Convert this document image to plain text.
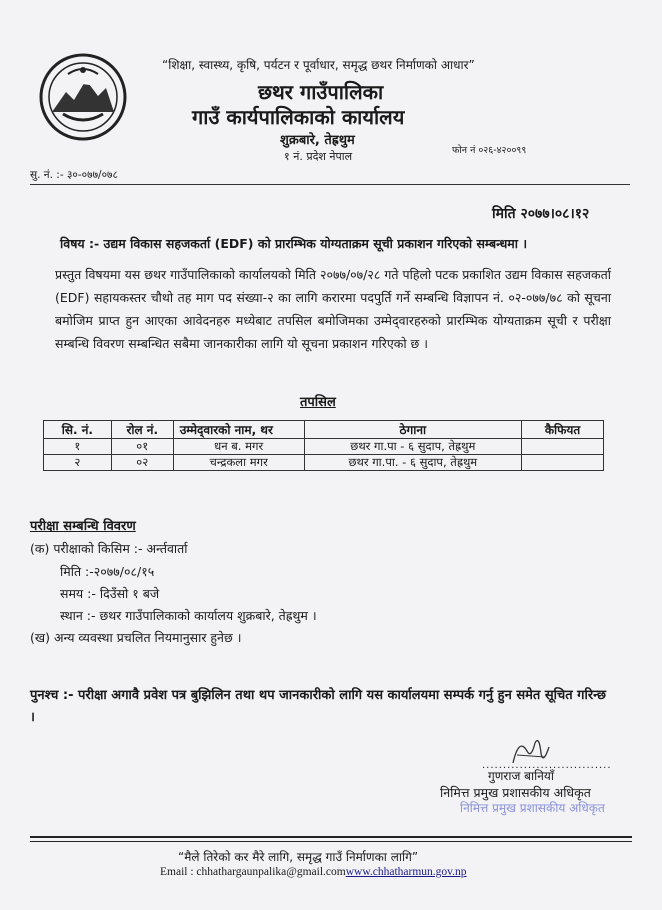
“शिक्षा, स्वास्थ्य, कृषि, पर्यटन र पूर्वाधार, समृद्ध छथर निर्माणको आधार”
छथर गाउँपालिका
गाउँ कार्यपालिकाको कार्यालय
शुक्रबारे, तेह्रथुम
१ नं. प्रदेश नेपाल	फोन नं ०२६-४२००९९
सु. नं. :- ३०-०७७/०७८
मिति २०७७।०८।१२
विषय :- उद्यम विकास सहजकर्ता (EDF) को प्रारम्भिक योग्यताक्रम सूची प्रकाशन गरिएको सम्बन्धमा ।
प्रस्तुत विषयमा यस छथर गाउँपालिकाको कार्यालयको मिति २०७७/०७/२८ गते पहिलो पटक प्रकाशित उद्यम विकास सहजकर्ता (EDF) सहायकस्तर चौथो तह माग पद संख्या-२ का लागि करारमा पदपुर्ति गर्ने सम्बन्धि विज्ञापन नं. ०२-०७७/७८ को सूचना बमोजिम प्राप्त हुन आएका आवेदनहरु मध्येबाट तपसिल बमोजिमका उम्मेद्‌वारहरुको प्रारम्भिक योग्यताक्रम सूची र परीक्षा सम्बन्धि विवरण सम्बन्धित सबैमा जानकारीका लागि यो सूचना प्रकाशन गरिएको छ ।
तपसिल
सि. नं.	रोल नं.	उम्मेद्‌वारको नाम, थर	ठेगाना	कैफियत
१	०१	धन ब. मगर	छथर गा.पा - ६ सुदाप, तेह्रथुम	
२	०२	चन्द्रकला मगर	छथर गा.पा. - ६ सुदाप, तेह्रथुम	
परीक्षा सम्बन्धि विवरण
(क) परीक्षाको किसिम :- अर्न्तवार्ता
मिति :-२०७७/०८/१५
समय :- दिउँसो १ बजे
स्थान :- छथर गाउँपालिकाको कार्यालय शुक्रबारे, तेह्रथुम ।
(ख) अन्य व्यवस्था प्रचलित नियमानुसार हुनेछ ।
पुनश्च :- परीक्षा अगावै प्रवेश पत्र बुझिलिन तथा थप जानकारीको लागि यस कार्यालयमा सम्पर्क गर्नु हुन समेत सूचित गरिन्छ ।
...............................
गुणराज बानियाँ
निमित्त प्रमुख प्रशासकीय अधिकृत
निमित्त प्रमुख प्रशासकीय अधिकृत
“मैले तिरेको कर मैरे लागि, समृद्ध गाउँ निर्माणका लागि”
Email : chhathargaunpalika@gmail.comwww.chhatharmun.gov.np
